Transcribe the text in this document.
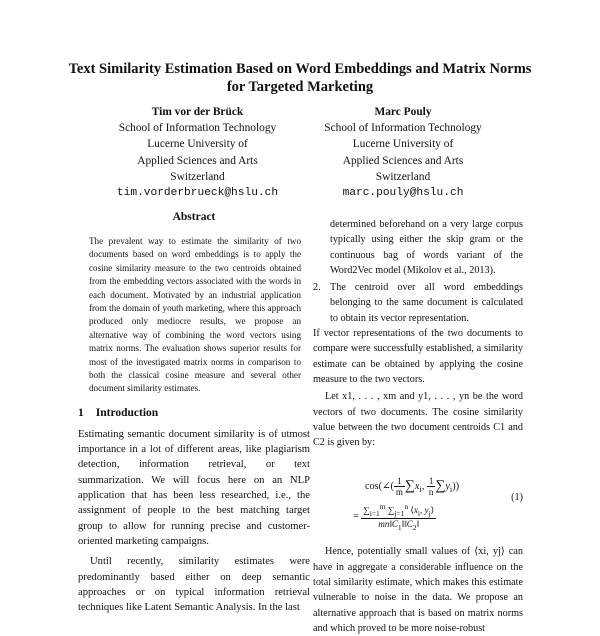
Text Similarity Estimation Based on Word Embeddings and Matrix Norms for Targeted Marketing
Tim vor der Brück
School of Information Technology
Lucerne University of
Applied Sciences and Arts
Switzerland
tim.vorderbrueck@hslu.ch
Marc Pouly
School of Information Technology
Lucerne University of
Applied Sciences and Arts
Switzerland
marc.pouly@hslu.ch
Abstract
The prevalent way to estimate the similarity of two documents based on word embeddings is to apply the cosine similarity measure to the two centroids obtained from the embedding vectors associated with the words in each document. Motivated by an industrial application from the domain of youth marketing, where this approach produced only mediocre results, we propose an alternative way of combining the word vectors using matrix norms. The evaluation shows superior results for most of the investigated matrix norms in comparison to both the classical cosine measure and several other document similarity estimates.
1 Introduction

Estimating semantic document similarity is of utmost importance in a lot of different areas, like plagiarism detection, information retrieval, or text summarization. We will focus here on an NLP application that has been less researched, i.e., the assignment of people to the best matching target group to allow for running precise and customer-oriented marketing campaigns.

Until recently, similarity estimates were predominantly based either on deep semantic approaches or on typical information retrieval techniques like Latent Semantic Analysis. In the last

determined beforehand on a very large corpus typically using either the skip gram or the continuous bag of words variant of the Word2Vec model (Mikolov et al., 2013).
2. The centroid over all word embeddings belonging to the same document is calculated to obtain its vector representation.

If vector representations of the two documents to compare were successfully established, a similarity estimate can be obtained by applying the cosine measure to the two vectors.

Let x1, . . . , xm and y1, . . . , yn be the word vectors of two documents. The cosine similarity value between the two document centroids C1 and C2 is given by:

cos(∠( $\frac{1}{m} \sum x_i$, $\frac{1}{n} \sum y_i$))
= $\frac{\sum_{i=1}^m \sum_{j=1}^n ⟨x_i, y_j⟩}{mn‖C_1‖‖C_2‖}$
(1)

Hence, potentially small values of ⟨xi, yj⟩ can have in aggregate a considerable influence on the total similarity estimate, which makes this estimate vulnerable to noise in the data. We propose an alternative approach that is based on matrix norms and which proved to be more noise-robust
